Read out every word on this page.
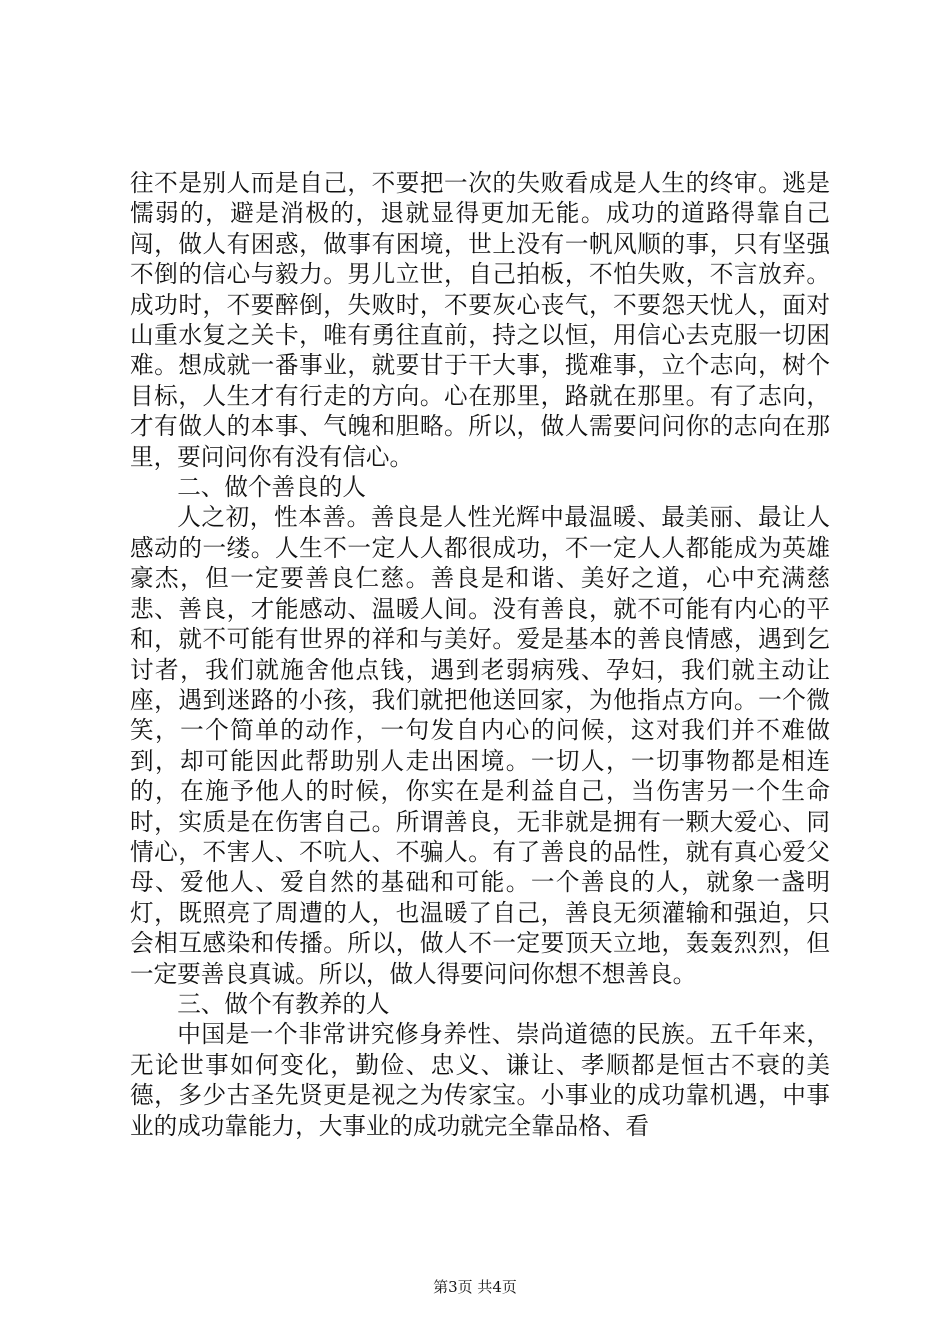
往不是别人而是自己，不要把一次的失败看成是人生的终审。逃是懦弱的，避是消极的，退就显得更加无能。成功的道路得靠自己闯，做人有困惑，做事有困境，世上没有一帆风顺的事，只有坚强不倒的信心与毅力。男儿立世，自己拍板，不怕失败，不言放弃。成功时，不要醉倒，失败时，不要灰心丧气，不要怨天忧人，面对山重水复之关卡，唯有勇往直前，持之以恒，用信心去克服一切困难。想成就一番事业，就要甘于干大事，揽难事，立个志向，树个目标，人生才有行走的方向。心在那里，路就在那里。有了志向，才有做人的本事、气魄和胆略。所以，做人需要问问你的志向在那里，要问问你有没有信心。

二、做个善良的人

人之初，性本善。善良是人性光辉中最温暖、最美丽、最让人感动的一缕。人生不一定人人都很成功，不一定人人都能成为英雄豪杰，但一定要善良仁慈。善良是和谐、美好之道，心中充满慈悲、善良，才能感动、温暖人间。没有善良，就不可能有内心的平和，就不可能有世界的祥和与美好。爱是基本的善良情感，遇到乞讨者，我们就施舍他点钱，遇到老弱病残、孕妇，我们就主动让座，遇到迷路的小孩，我们就把他送回家，为他指点方向。一个微笑，一个简单的动作，一句发自内心的问候，这对我们并不难做到，却可能因此帮助别人走出困境。一切人，一切事物都是相连的，在施予他人的时候，你实在是利益自己，当伤害另一个生命时，实质是在伤害自己。所谓善良，无非就是拥有一颗大爱心、同情心，不害人、不吭人、不骗人。有了善良的品性，就有真心爱父母、爱他人、爱自然的基础和可能。一个善良的人，就象一盏明灯，既照亮了周遭的人，也温暖了自己，善良无须灌输和强迫，只会相互感染和传播。所以，做人不一定要顶天立地，轰轰烈烈，但一定要善良真诚。所以，做人得要问问你想不想善良。

三、做个有教养的人

中国是一个非常讲究修身养性、崇尚道德的民族。五千年来，无论世事如何变化，勤俭、忠义、谦让、孝顺都是恒古不衰的美德，多少古圣先贤更是视之为传家宝。小事业的成功靠机遇，中事业的成功靠能力，大事业的成功就完全靠品格、看

第3页 共4页
